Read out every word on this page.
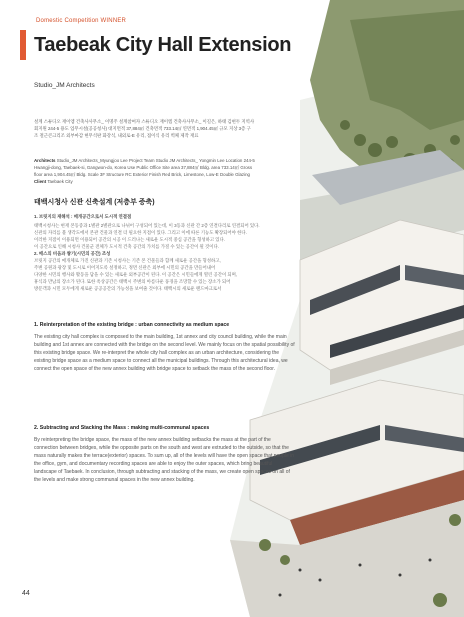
Domestic Competition WINNER
Taebeak City Hall Extension
Studio_JM Architects
설계 스튜디오 재이엠 건축사사무소_ 이명주 설계참여자 스튜디오 재이엠 건축사사무소_ 이길은, 하태 김현두 지역사
회지원 244-5 용도 업무시설(공공청사) 대지면적 37,884㎡ 건축면적 733.14㎡ 연면적 1,904.45㎡ 규모 지상 3층 구
조 철근콘크리조 외부마감 현무석판 화강석, 내외로-E 유리, 접이식 유리 벽체 제작 재료
Architects Studio_JM Architects_Myungjoo Lee Project Team Studio JM Architects_ Yongmin Lee Location 244-5
Hwangji-dong, Taebaek-si, Gangwon-do, Korea Use Public Office Site area 37,884㎡ Bldg. area 733.14㎡ Gross
floor area 1,904.45㎡ Bldg. Scale 3F Structure RC Exterior Finish Red Brick, Limestone, Low-E Double Glazing
Client Taebaek City
태백시청사 신관 신축설계 (저층부 증축)
1. 브릿지의 재해석 : 매개공간으로서 도시적 연결점
태백시청사는 현재 본동증과 1별관 2별관으로 나뉘어 구성되어 있는데, 이 3동과 신관 간 2층 연결다리로 연결되어 있다.
신관의 자리를 불 생각도에서 본관 건물과 연결 더 필요한 지점이 있다. 그리고 이에 따른 기능도 확장되어야 한다.
이러한 지점이 이용되면 이용되어 공간의 시공 이 드러나는 새로운 도시적 중심 공간을 형성하고 있다.
이 공간으로 인해 시청사 건물군 전체가 도시적 건축 공간의 가치를 가질 수 있는 공간이 될 것이다.
2. 매스의 비움과 쌓기(시민의 공간) 조성
브릿지 공간의 매개체로 가진 신관과 기존 시청사는 기존 본 건물들과 함께 새로운 공간을 형성하고,
주변 공원과 광장 및 도시로 이어지도록 설정하고, 정면 신관은 외부에 시민의 공간을 만들어내어
다양한 시민의 행사와 활동을 담을 수 있는 새로운 외부공간이 된다. 이 공간은 시민들에게 열린 공간이 되며,
휴식과 만남의 장소가 된다. 또한 옥상공간은 태백시 주변의 아름다운 풍경을 조망할 수 있는 장소가 되어
방문객과 시민 모두에게 새로운 공공공간의 가능성을 보여줄 것이다. 태백시의 새로운 랜드마크로서
1. Reinterpretation of the existing bridge : urban connectivity as medium space
The existing city hall complex is composed to the main building, 1st annex and city council building, while the main building and 1st annex are connected with the bridge on the second level. We mainly focus on the spatial possibility of this existing bridge space. We re-interpret the whole city hall complex as an urban architecture, considering the existing bridge space as a medium space to connect all the municipal buildings. Through this architectural idea, we connect the open space of the new annex building with bridge space to setback the mass of the second floor.
2. Subtracting and Stacking the Mass : making multi-communal spaces
By reinterpreting the bridge space, the mass of the new annex building setbacks the mass at the part of the connection between bridges, while the opposite parts on the south and west are extruded to the outside, so that the mass naturally makes the terrace(exterior) spaces. To sum up, all of the levels will have the open space that people in the office, gym, and documentary recording spaces are able to enjoy the outer spaces, which bring beautiful landscape of Taebaek. In conclusion, through subtracting and stacking of the mass, we create open spaces on all of the levels and make strong communal spaces in the new annex building.
44
